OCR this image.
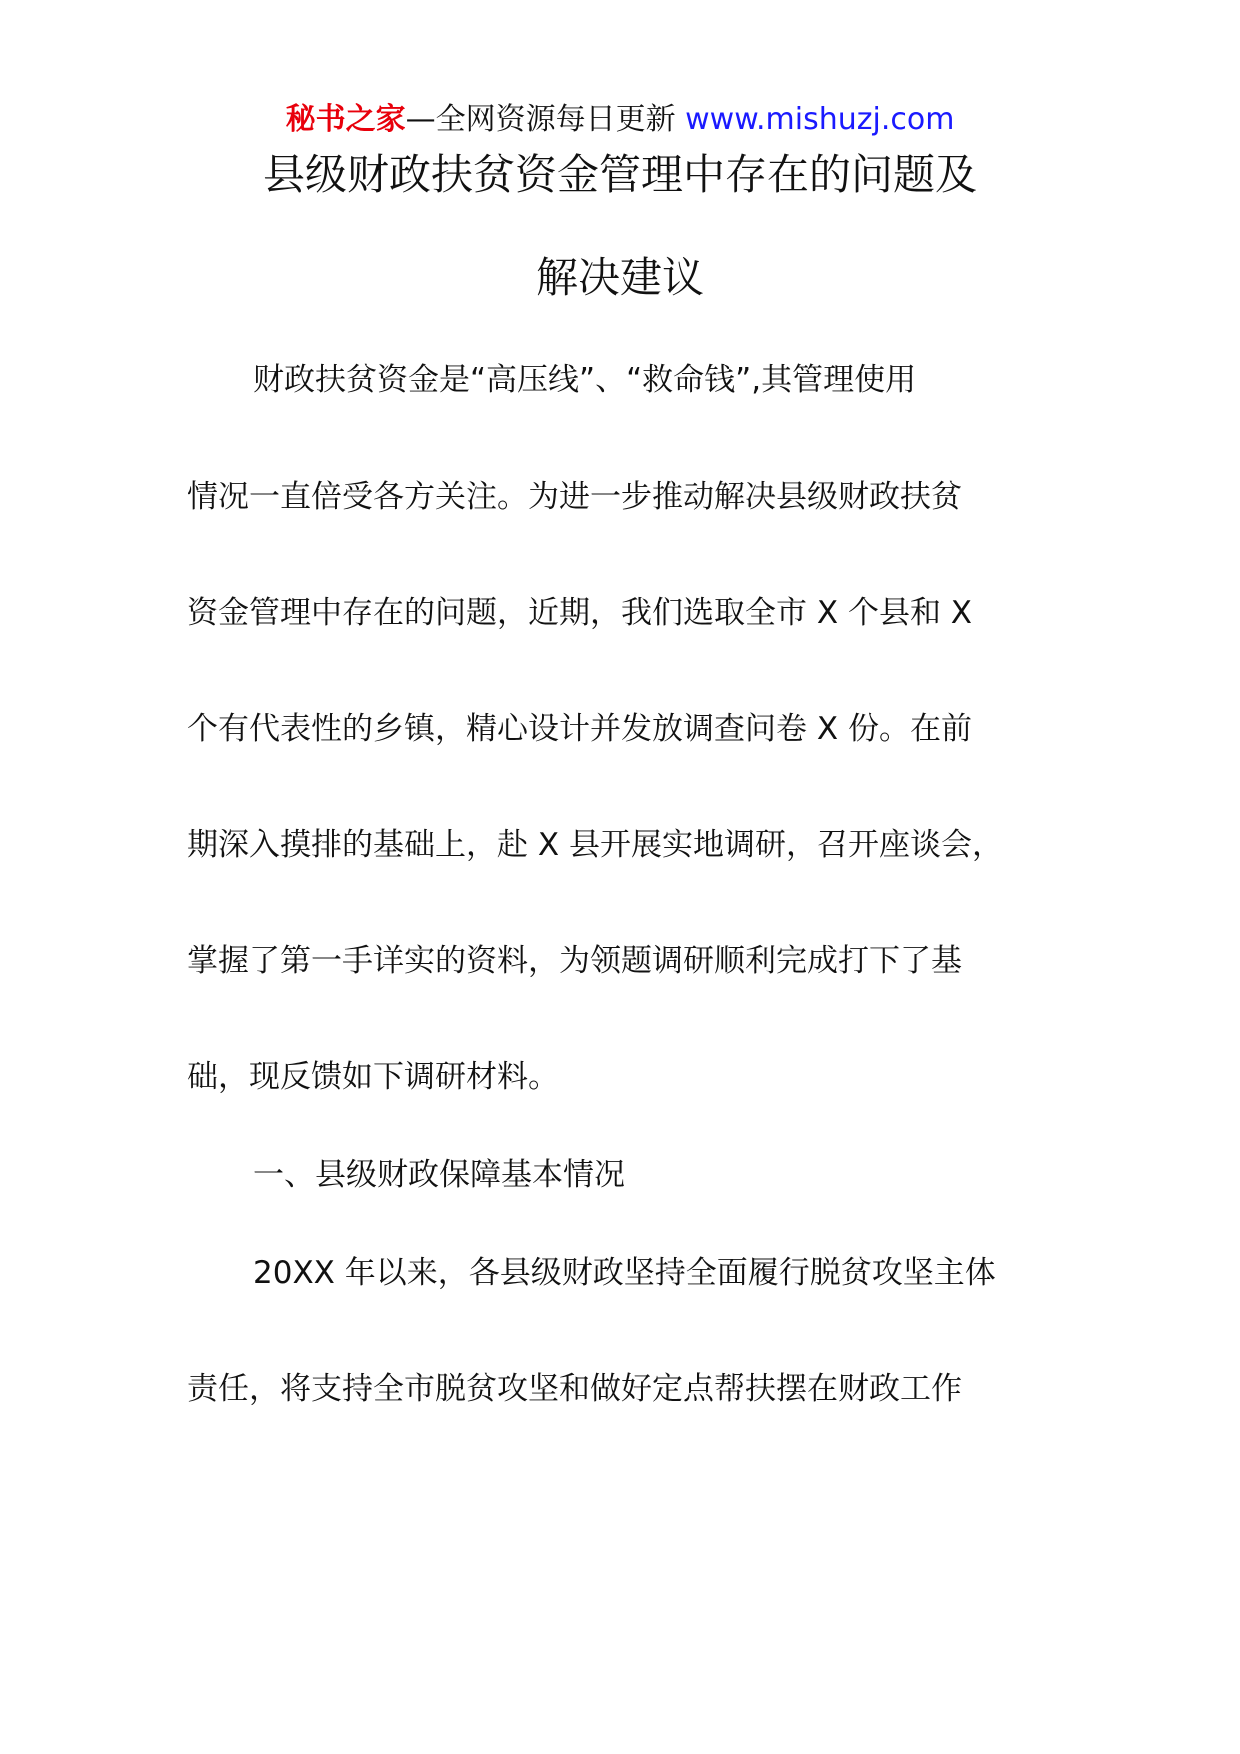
秘书之家—全网资源每日更新 www.mishuzj.com
县级财政扶贫资金管理中存在的问题及
解决建议
财政扶贫资金是“高压线”、“救命钱”,其管理使用
情况一直倍受各方关注。为进一步推动解决县级财政扶贫
资金管理中存在的问题，近期，我们选取全市 X 个县和 X
个有代表性的乡镇，精心设计并发放调查问卷 X 份。在前
期深入摸排的基础上，赴 X 县开展实地调研，召开座谈会，
掌握了第一手详实的资料，为领题调研顺利完成打下了基
础，现反馈如下调研材料。
一、县级财政保障基本情况
20XX 年以来，各县级财政坚持全面履行脱贫攻坚主体
责任，将支持全市脱贫攻坚和做好定点帮扶摆在财政工作
